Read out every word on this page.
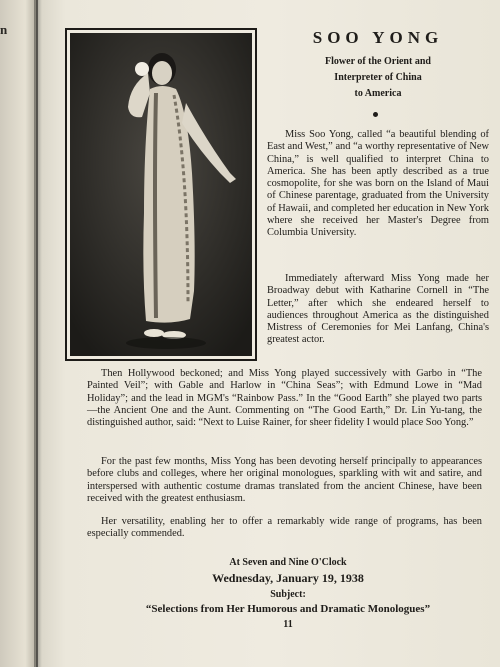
n	SOO YONG
Flower of the Orient and
Interpreter of China
to America

Miss Soo Yong, called “a beautiful blending of East and West,” and “a worthy representative of New China,” is well qualified to interpret China to America. She has been aptly described as a true cosmopolite, for she was born on the Island of Maui of Chinese parentage, graduated from the University of Hawaii, and completed her education in New York where she received her Master's Degree from Columbia University.

Immediately afterward Miss Yong made her Broadway debut with Katharine Cornell in “The Letter,” after which she endeared herself to audiences throughout America as the distinguished Mistress of Ceremonies for Mei Lanfang, China's greatest actor.

Then Hollywood beckoned; and Miss Yong played successively with Garbo in “The Painted Veil”; with Gable and Harlow in “China Seas”; with Edmund Lowe in “Mad Holiday”; and the lead in MGM's “Rainbow Pass.” In the “Good Earth” she played two parts—the Ancient One and the Aunt. Commenting on “The Good Earth,” Dr. Lin Yu-tang, the distinguished author, said: “Next to Luise Rainer, for sheer fidelity I would place Soo Yong.”

For the past few months, Miss Yong has been devoting herself principally to appearances before clubs and colleges, where her original monologues, sparkling with wit and satire, and interspersed with authentic costume dramas translated from the ancient Chinese, have been received with the greatest enthusiasm.

Her versatility, enabling her to offer a remarkably wide range of programs, has been especially commended.

At Seven and Nine O'Clock
Wednesday, January 19, 1938
Subject:
“Selections from Her Humorous and Dramatic Monologues”
11
